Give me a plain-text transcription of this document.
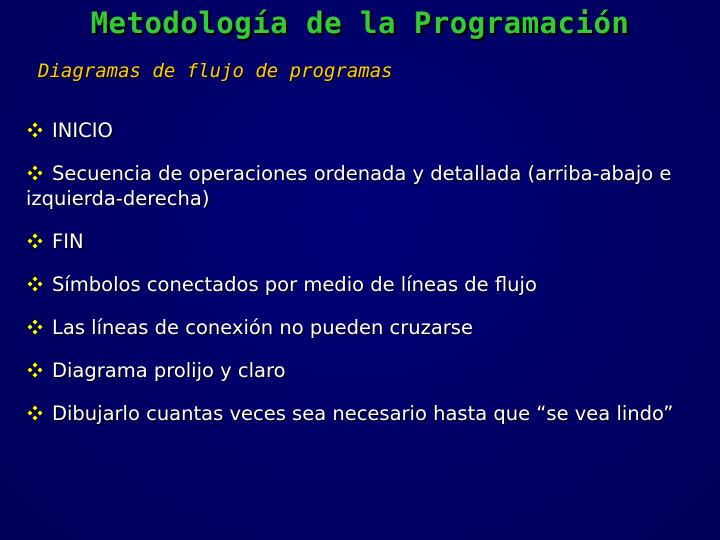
Metodología de la Programación
Diagramas de flujo de programas
INICIO
Secuencia de operaciones ordenada y detallada (arriba-abajo e izquierda-derecha)
FIN
Símbolos conectados por medio de líneas de flujo
Las líneas de conexión no pueden cruzarse
Diagrama prolijo y claro
Dibujarlo cuantas veces sea necesario hasta que “se vea lindo”
